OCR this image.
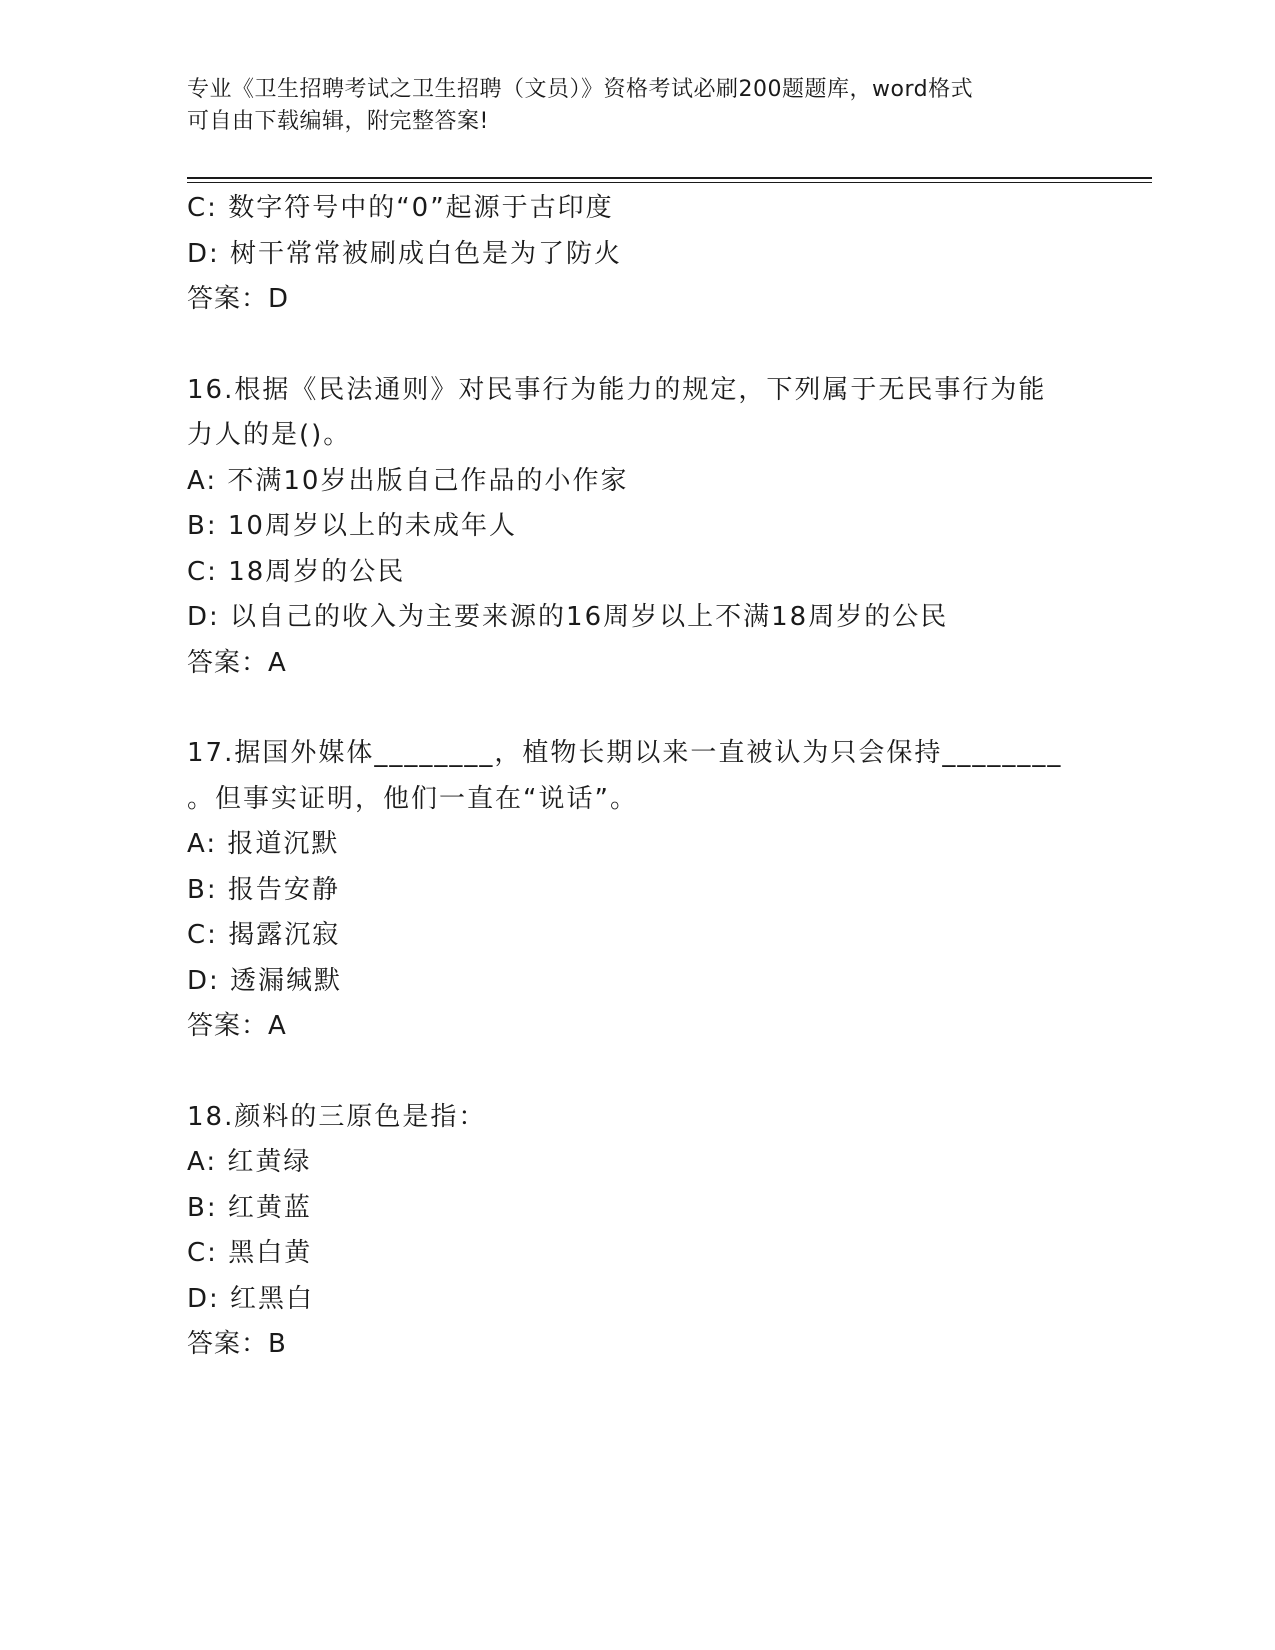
专业《卫生招聘考试之卫生招聘（文员）》资格考试必刷200题题库，word格式
可自由下载编辑，附完整答案!
C: 数字符号中的“0”起源于古印度
D: 树干常常被刷成白色是为了防火
答案：D
16.根据《民法通则》对民事行为能力的规定，下列属于无民事行为能
力人的是()。
A: 不满10岁出版自己作品的小作家
B: 10周岁以上的未成年人
C: 18周岁的公民
D: 以自己的收入为主要来源的16周岁以上不满18周岁的公民
答案：A
17.据国外媒体________，植物长期以来一直被认为只会保持________
。但事实证明，他们一直在“说话”。
A: 报道沉默
B: 报告安静
C: 揭露沉寂
D: 透漏缄默
答案：A
18.颜料的三原色是指：
A: 红黄绿
B: 红黄蓝
C: 黑白黄
D: 红黑白
答案：B
